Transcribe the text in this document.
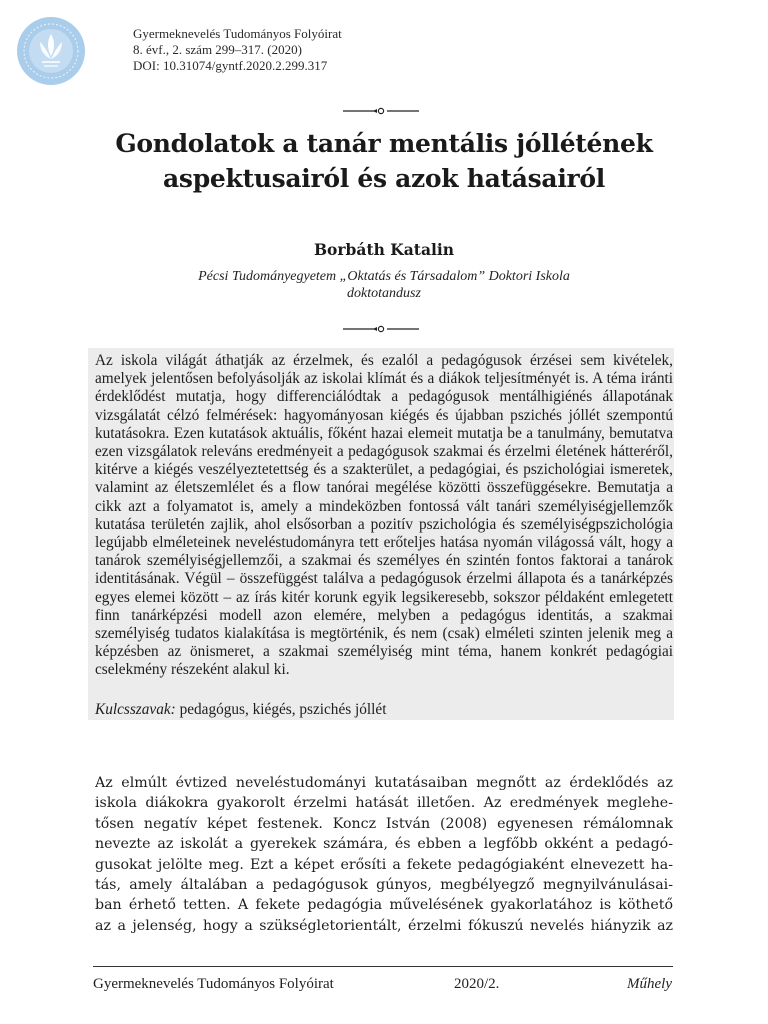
Gyermeknevelés Tudományos Folyóirat
8. évf., 2. szám 299–317. (2020)
DOI: 10.31074/gyntf.2020.2.299.317
Gondolatok a tanár mentális jóllétének
aspektusairól és azok hatásairól
Borbáth Katalin
Pécsi Tudományegyetem „Oktatás és Társadalom” Doktori Iskola
doktotandusz

Az iskola világát áthatják az érzelmek, és ezalól a pedagógusok érzései sem kivételek, amelyek jelentősen befolyásolják az iskolai klímát és a diákok teljesítményét is. A téma iránti érdeklődést mutatja, hogy differenciálódtak a pedagógusok mentálhigiénés állapotának vizsgálatát célzó felmérések: hagyományosan kiégés és újabban pszichés jóllét szempontú kutatásokra. Ezen kutatások aktuális, főként hazai elemeit mutatja be a tanulmány, bemutatva ezen vizsgálatok releváns eredményeit a pedagógusok szakmai és érzelmi életének hátteréről, kitérve a kiégés veszélyeztetettség és a szakterület, a pedagógiai, és pszichológiai ismeretek, valamint az életszemlélet és a flow tanórai megélése közötti összefüggésekre. Bemutatja a cikk azt a folyamatot is, amely a mindeközben fontossá vált tanári személyiségjellemzők kutatása területén zajlik, ahol elsősorban a pozitív pszichológia és személyiségpszichológia legújabb elméleteinek neveléstudományra tett erőteljes hatása nyomán világossá vált, hogy a tanárok személyiségjellemzői, a szakmai és személyes én szintén fontos faktorai a tanárok identitásának. Végül – összefüggést találva a pedagógusok érzelmi állapota és a tanárképzés egyes elemei között – az írás kitér korunk egyik legsikeresebb, sokszor példaként emlegetett finn tanárképzési modell azon elemére, melyben a pedagógus identitás, a szakmai személyiség tudatos kialakítása is megtörténik, és nem (csak) elméleti szinten jelenik meg a képzésben az önismeret, a szakmai személyiség mint téma, hanem konkrét pedagógiai cselekmény részeként alakul ki.

Kulcsszavak: pedagógus, kiégés, pszichés jóllét
Az elmúlt évtized neveléstudományi kutatásaiban megnőtt az érdeklődés az
iskola diákokra gyakorolt érzelmi hatását illetően. Az eredmények meglehe-
tősen negatív képet festenek. Koncz István (2008) egyenesen rémálomnak
nevezte az iskolát a gyerekek számára, és ebben a legfőbb okként a pedagó-
gusokat jelölte meg. Ezt a képet erősíti a fekete pedagógiaként elnevezett ha-
tás, amely általában a pedagógusok gúnyos, megbélyegző megnyilvánulásai-
ban érhető tetten. A fekete pedagógia művelésének gyakorlatához is köthető
az a jelenség, hogy a szükségletorientált, érzelmi fókuszú nevelés hiányzik az
Gyermeknevelés Tudományos Folyóirat	2020/2.	Műhely
